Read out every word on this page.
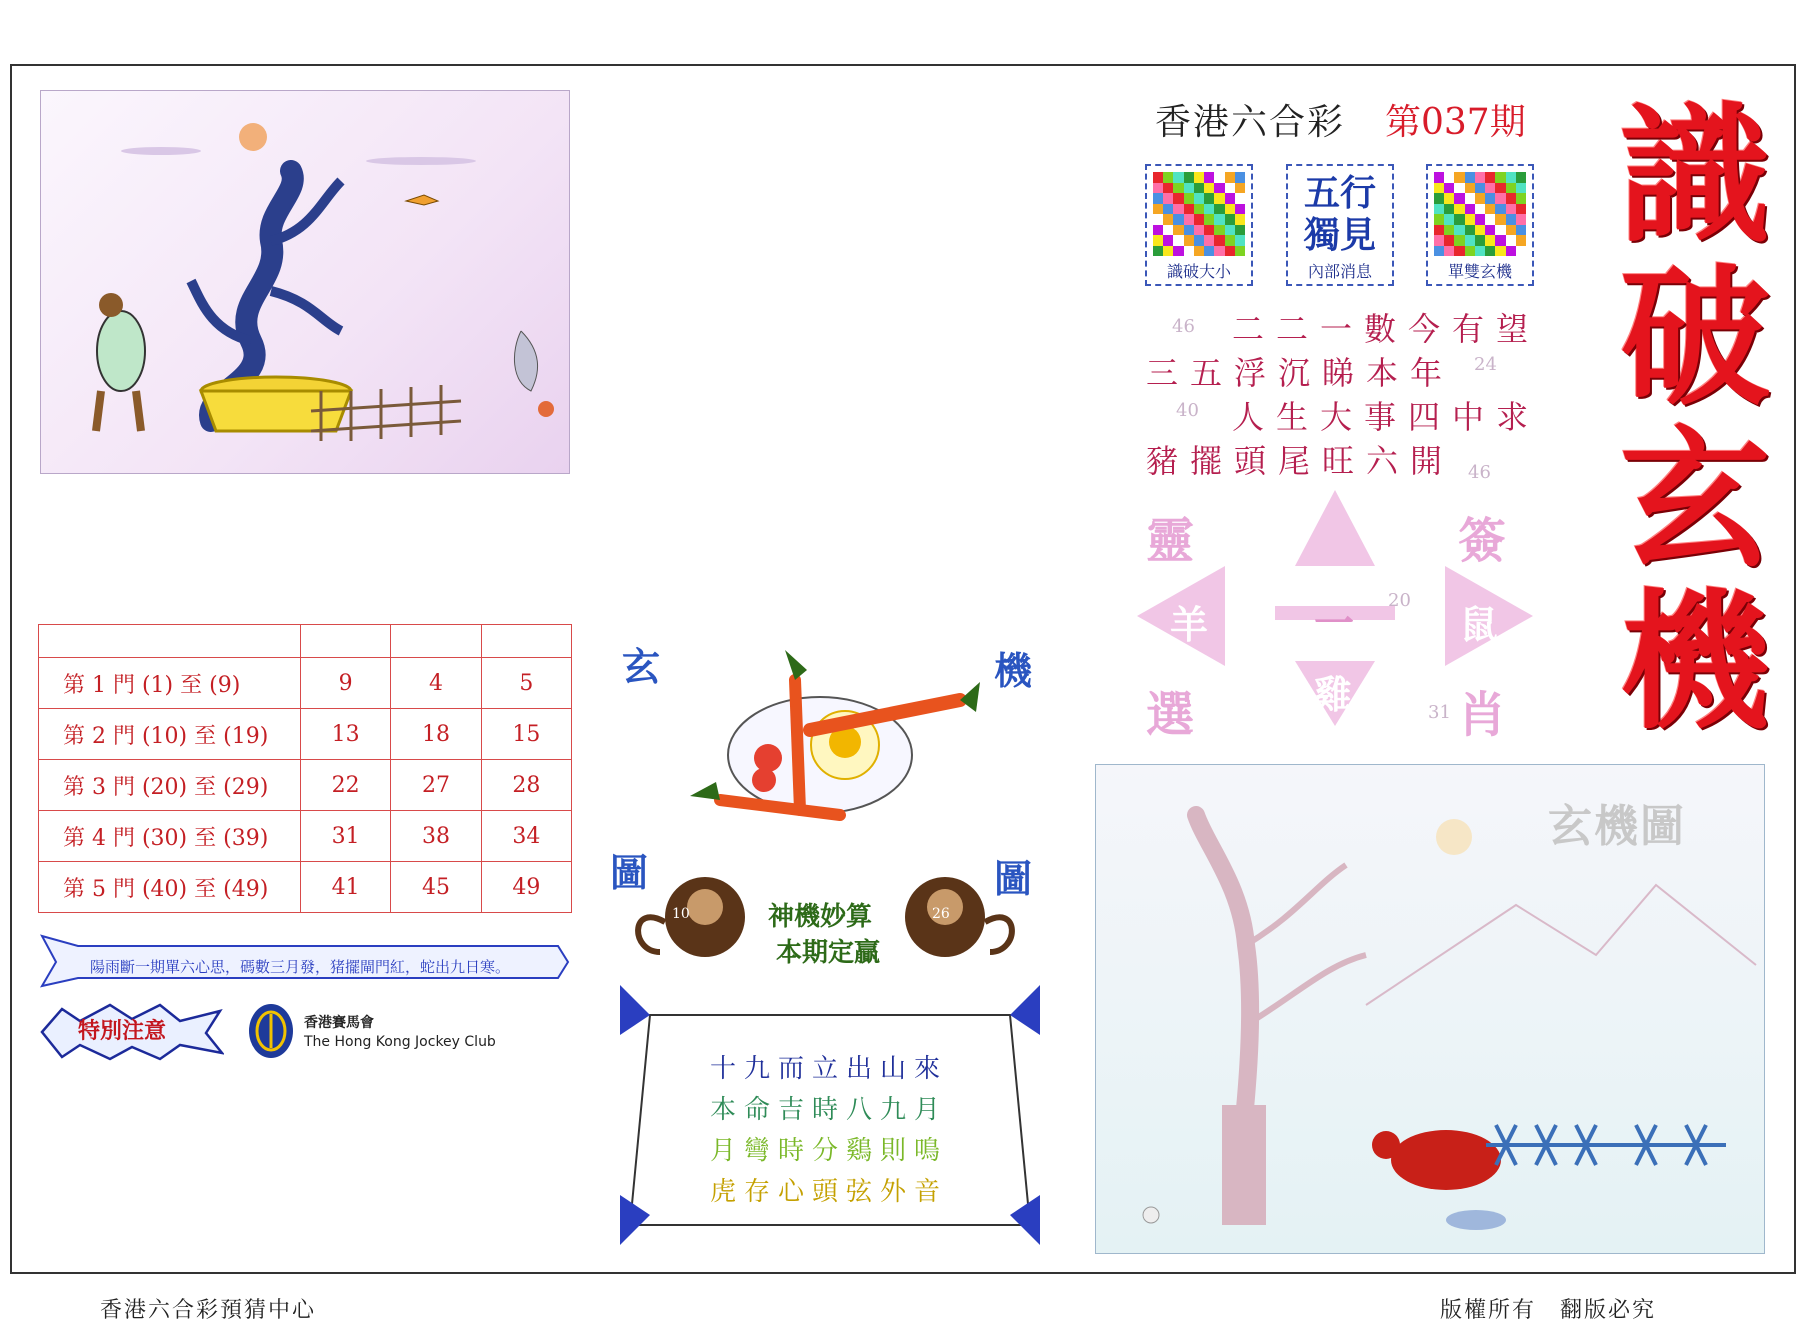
香港六合彩 第037期 識
破
玄
機
識破大小
五行
獨見
內部消息	單雙玄機
46
24
40
46
二二一數今有望
三五浮沉睇本年
人生大事四中求
豬擺頭尾旺六開
靈	簽
選	肖
羊	鼠
雞
一 20
31

第 1 門 (1) 至 (9)	9	4	5
第 2 門 (10) 至 (19)	13	18	15
第 3 門 (20) 至 (29)	22	27	28
第 4 門 (30) 至 (39)	31	38	34
第 5 門 (40) 至 (49)	41	45	49
陽雨斷一期單六心思，碼數三月發，猪擺閘門紅，蛇出九日寒。
特別注意	香港賽馬會
The Hong Kong Jockey Club
玄	機
圖	圖
10	26
神機妙算
本期定贏
十九而立出山來
本命吉時八九月
月彎時分鷄則鳴
虎存心頭弦外音
玄機圖
香港六合彩預猜中心	版權所有　翻版必究
